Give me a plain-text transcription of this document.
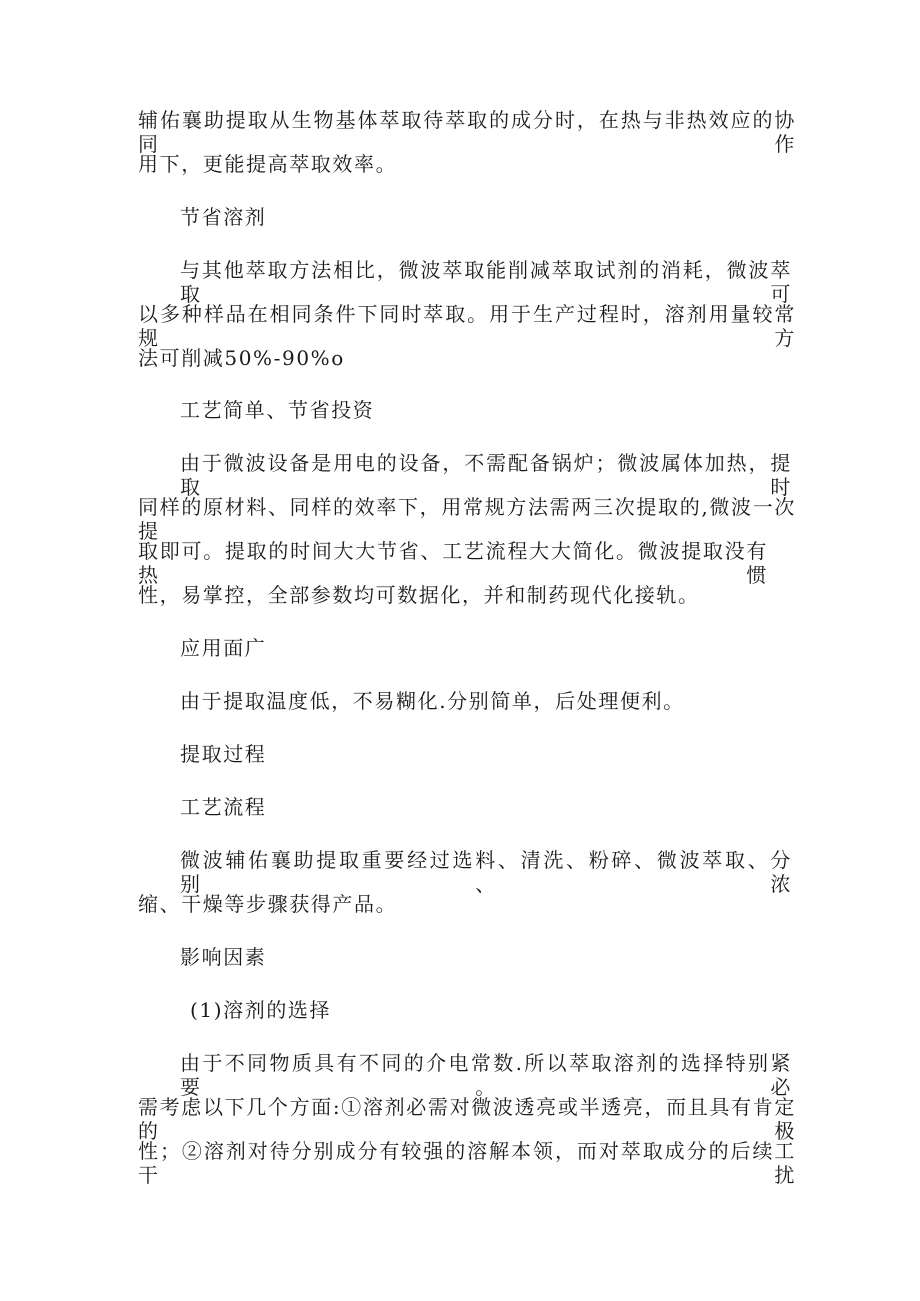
辅佑襄助提取从生物基体萃取待萃取的成分时，在热与非热效应的协同作

用下，更能提高萃取效率。

节省溶剂

与其他萃取方法相比，微波萃取能削减萃取试剂的消耗，微波萃取可

以多种样品在相同条件下同时萃取。用于生产过程时，溶剂用量较常规方

法可削减50%-90%o

工艺简单、节省投资

由于微波设备是用电的设备，不需配备锅炉；微波属体加热，提取时

同样的原材料、同样的效率下，用常规方法需两三次提取的,微波一次提

取即可。提取的时间大大节省、工艺流程大大简化。微波提取没有热惯

性，易掌控，全部参数均可数据化，并和制药现代化接轨。

应用面广

由于提取温度低，不易糊化.分别简单，后处理便利。

提取过程

工艺流程

微波辅佑襄助提取重要经过选料、清洗、粉碎、微波萃取、分别、浓

缩、干燥等步骤获得产品。

影响因素

(1)溶剂的选择

由于不同物质具有不同的介电常数.所以萃取溶剂的选择特别紧要。必

需考虑以下几个方面:①溶剂必需对微波透亮或半透亮，而且具有肯定的极

性；②溶剂对待分别成分有较强的溶解本领，而对萃取成分的后续工干扰
